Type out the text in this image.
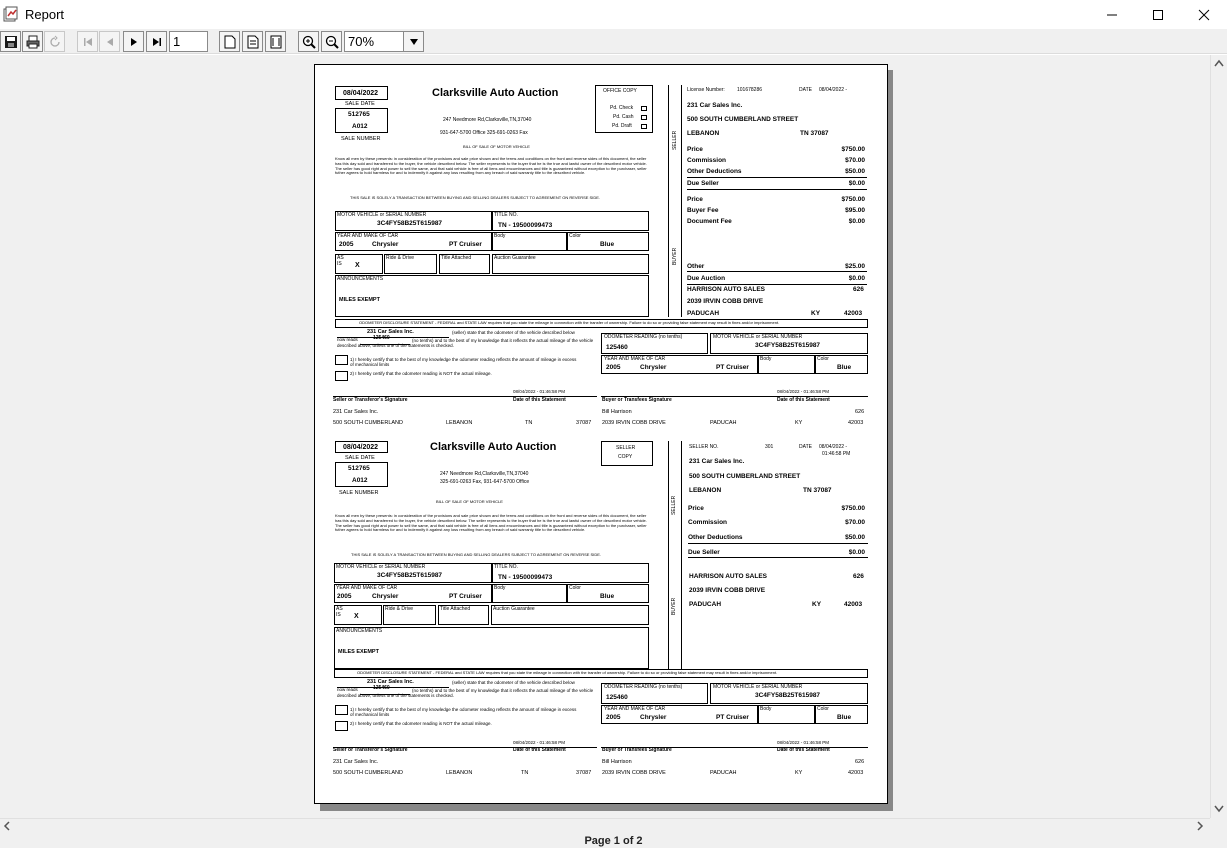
Report
1	70%
08/04/2022
SALE DATE
512765
A012
SALE NUMBER
Clarksville Auto Auction
247 Needmore Rd,Clarksville,TN,37040
931-647-5700 Office 325-691-0263 Fax
BILL OF SALE OF MOTOR VEHICLE
OFFICE COPY
Pd. Check
Pd. Cash
Pd. Draft
Know all men by these presents: in consideration of the provisions and sale price shown and the terms and conditions on the front and reverse sides of this document, the seller has this day sold and transferred to the buyer, the vehicle described below. The seller represents to the buyer that he is the true and lawful owner of the described motor vehicle. The seller has good right and power to sell the same, and that said vehicle is free of all liens and encumbrances and title is guaranteed without exception to the purchaser, seller futher agrees to hold harmless for and to indemnify it against any loss resulting from any breach of said warranty title to the described vehicle.
THIS SALE IS SOLELY A TRANSACTION BETWEEN BUYING AND SELLING DEALERS SUBJECT TO AGREEMENT ON REVERSE SIDE.
MOTOR VEHICLE or SERIAL NUMBER
3C4FY58B25T615987
TITLE NO.
TN - 19500099473
YEAR AND MAKE OF CAR
2005	Chrysler	PT Cruiser
Body	Color
Blue
AS IS	X
Ride & Drive	Title Attached	Auction Guarantee
ANNOUNCEMENTS
MILES EXEMPT
ODOMETER DISCLOSURE STATEMENT - FEDERAL and STATE LAW requires that you state the mileage in connection with the transfer of ownership. Failure to do so or providing false statement may result in fines and/or imprisonment.
231 Car Sales Inc.	(seller) state that the odometer of the vehicle described below
now reads	125460	(no tenths) and to the best of my knowledge that it reflects the actual mileage of the vehicle described above, unless one of the statements is checked.
1) I hereby certify that to the best of my knowledge the odometer reading reflects the amount of mileage in excess of mechanical limits
2) I hereby certify that the odometer reading is NOT the actual mileage.
ODOMETER READING (no tenths)
125460
MOTOR VEHICLE or SERIAL NUMBER
3C4FY58B25T615987
YEAR AND MAKE OF CAR
2005	Chrysler	PT Cruiser
Body	Color
Blue
08/04/2022 - 01:46:58 PM
Seller or Transferor's Signature	Date of this Statement
231 Car Sales Inc.
500 SOUTH CUMBERLAND	LEBANON	TN	37087
08/04/2022 - 01:46:58 PM
Buyer or Transfees Signature	Date of this Statement
Bill Harrison	626
2039 IRVIN COBB DRIVE	PADUCAH	KY	42003
SELLER
BUYER
License Number: 101678286	DATE 08/04/2022 -
231 Car Sales Inc.
500 SOUTH CUMBERLAND STREET
LEBANON	TN 37087
Price	$750.00
Commission	$70.00
Other Deductions	$50.00
Due Seller	$0.00
Price	$750.00
Buyer Fee	$95.00
Document Fee	$0.00
Other	$25.00
Due Auction	$0.00
HARRISON AUTO SALES	626
2039 IRVIN COBB DRIVE
PADUCAH	KY	42003
08/04/2022
SALE DATE
512765
A012
SALE NUMBER
Clarksville Auto Auction
247 Needmore Rd,Clarksville,TN,37040
325-691-0263 Fax, 931-647-5700 Office
BILL OF SALE OF MOTOR VEHICLE
SELLER
COPY
Know all men by these presents: in consideration of the provisions and sale price shown and the terms and conditions on the front and reverse sides of this document, the seller has this day sold and transferred to the buyer, the vehicle described below. The seller represents to the buyer that he is the true and lawful owner of the described motor vehicle. The seller has good right and power to sell the same, and that said vehicle is free of all liens and encumbrances and title is guaranteed without exception to the purchaser, seller futher agrees to hold harmless for and to indemnify it against any loss resulting from any breach of said warranty title to the described vehicle.
THIS SALE IS SOLELY A TRANSACTION BETWEEN BUYING AND SELLING DEALERS SUBJECT TO AGREEMENT ON REVERSE SIDE.
MOTOR VEHICLE or SERIAL NUMBER
3C4FY58B25T615987
TITLE NO.
TN - 19500099473
YEAR AND MAKE OF CAR
2005	Chrysler	PT Cruiser
Body	Color
Blue
AS IS	X
Ride & Drive	Title Attached	Auction Guarantee
ANNOUNCEMENTS
MILES EXEMPT
ODOMETER DISCLOSURE STATEMENT - FEDERAL and STATE LAW requires that you state the mileage in connection with the transfer of ownership. Failure to do so or providing false statement may result in fines and/or imprisonment.
231 Car Sales Inc.	(seller) state that the odometer of the vehicle described below
now reads	125460	(no tenths) and to the best of my knowledge that it reflects the actual mileage of the vehicle described above, unless one of the statements is checked.
1) I hereby certify that to the best of my knowledge the odometer reading reflects the amount of mileage in excess of mechanical limits
2) I hereby certify that the odometer reading is NOT the actual mileage.
ODOMETER READING (no tenths)
125460
MOTOR VEHICLE or SERIAL NUMBER
3C4FY58B25T615987
YEAR AND MAKE OF CAR
2005	Chrysler	PT Cruiser
Body	Color
Blue
08/04/2022 - 01:46:58 PM
Seller or Transferor's Signature	Date of this Statement
231 Car Sales Inc.
500 SOUTH CUMBERLAND	LEBANON	TN	37087
08/04/2022 - 01:46:58 PM
Buyer or Transfees Signature	Date of this Statement
Bill Harrison	626
2039 IRVIN COBB DRIVE	PADUCAH	KY	42003
SELLER
BUYER
SELLER NO.	301	DATE 08/04/2022 -
01:46:58 PM
231 Car Sales Inc.
500 SOUTH CUMBERLAND STREET
LEBANON	TN 37087
Price	$750.00
Commission	$70.00
Other Deductions	$50.00
Due Seller	$0.00
HARRISON AUTO SALES	626
2039 IRVIN COBB DRIVE
PADUCAH	KY	42003
Page 1 of 2
